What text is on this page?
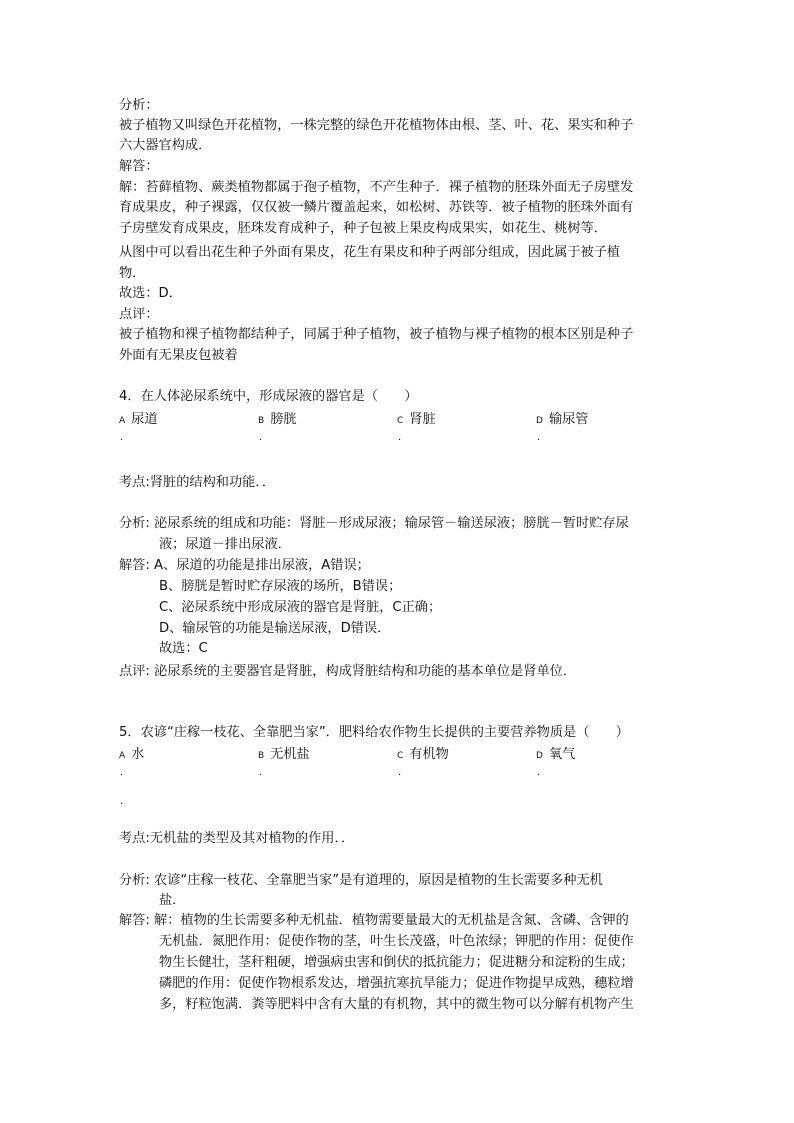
分析：
被子植物又叫绿色开花植物，一株完整的绿色开花植物体由根、茎、叶、花、果实和种子
六大器官构成．
解答：
解：苔藓植物、蕨类植物都属于孢子植物，不产生种子．裸子植物的胚珠外面无子房壁发
育成果皮，种子裸露，仅仅被一鳞片覆盖起来，如松树、苏铁等．被子植物的胚珠外面有
子房壁发育成果皮，胚珠发育成种子，种子包被上果皮构成果实，如花生、桃树等．
从图中可以看出花生种子外面有果皮，花生有果皮和种子两部分组成，因此属于被子植
物．
故选：D．
点评：
被子植物和裸子植物都结种子，同属于种子植物，被子植物与裸子植物的根本区别是种子
外面有无果皮包被着
4．在人体泌尿系统中，形成尿液的器官是（　　）
A 尿道	B 膀胱	C 肾脏	D 输尿管
.	.	.	.
考点:肾脏的结构和功能．．
分析: 泌尿系统的组成和功能：肾脏－形成尿液；输尿管－输送尿液；膀胱－暂时贮存尿
液；尿道－排出尿液．
解答: A、尿道的功能是排出尿液，A错误；
B、膀胱是暂时贮存尿液的场所，B错误；
C、泌尿系统中形成尿液的器官是肾脏，C正确；
D、输尿管的功能是输送尿液，D错误．
故选：C
点评: 泌尿系统的主要器官是肾脏，构成肾脏结构和功能的基本单位是肾单位．
5．农谚“庄稼一枝花、全靠肥当家”．肥料给农作物生长提供的主要营养物质是（　　）
A 水	B 无机盐	C 有机物	D 氧气
.	.	.	.
.
考点:无机盐的类型及其对植物的作用．．
分析: 农谚“庄稼一枝花、全靠肥当家”是有道理的，原因是植物的生长需要多种无机
盐．
解答: 解：植物的生长需要多种无机盐．植物需要量最大的无机盐是含氮、含磷、含钾的
无机盐．氮肥作用：促使作物的茎，叶生长茂盛，叶色浓绿；钾肥的作用：促使作
物生长健壮，茎秆粗硬，增强病虫害和倒伏的抵抗能力；促进糖分和淀粉的生成；
磷肥的作用：促使作物根系发达，增强抗寒抗旱能力；促进作物提早成熟，穗粒增
多，籽粒饱满．粪等肥料中含有大量的有机物，其中的微生物可以分解有机物产生
